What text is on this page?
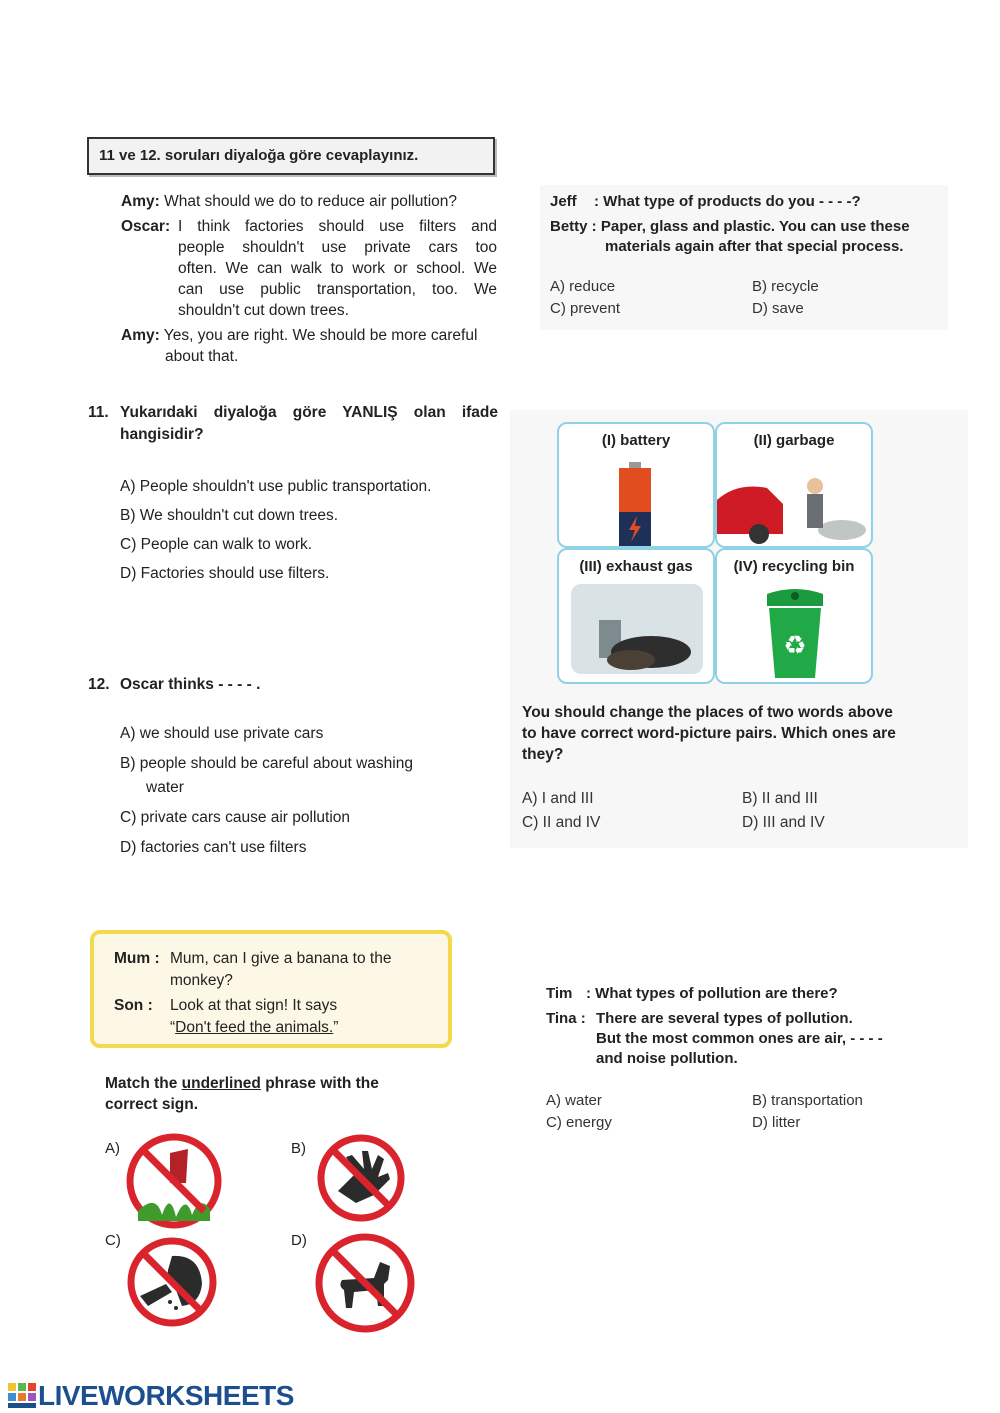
11 ve 12. soruları diyaloğa göre cevaplayınız.
Amy: What should we do to reduce air pollution?
Oscar: I think factories should use filters and
people shouldn't use private cars too
often. We can walk to work or school. We
can use public transportation, too. We
shouldn't cut down trees.
Amy: Yes, you are right. We should be more careful
about that.
11. Yukarıdaki diyaloğa göre YANLIŞ olan ifade
hangisidir?
A) People shouldn't use public transportation.
B) We shouldn't cut down trees.
C) People can walk to work.
D) Factories should use filters.
12. Oscar thinks - - - - .
A) we should use private cars
B) people should be careful about washing
water
C) private cars cause air pollution
D) factories can't use filters
Jeff : What type of products do you - - - -?
Betty : Paper, glass and plastic. You can use these
materials again after that special process.
A) reduce	B) recycle
C) prevent	D) save
(I) battery	(II) garbage
(III) exhaust gas	(IV) recycling bin
♻
You should change the places of two words above
to have correct word-picture pairs. Which ones are
they?
A) I and III	B) II and III
C) II and IV	D) III and IV
Mum : Mum, can I give a banana to the
monkey?
Son :	Look at that sign! It says
“Don't feed the animals.”
Match the underlined phrase with the
correct sign.
A)	B)
C)	D)
Tim : What types of pollution are there?
Tina : There are several types of pollution.
But the most common ones are air, - - - -
and noise pollution.
A) water	B) transportation
C) energy	D) litter
LIVEWORKSHEETS
